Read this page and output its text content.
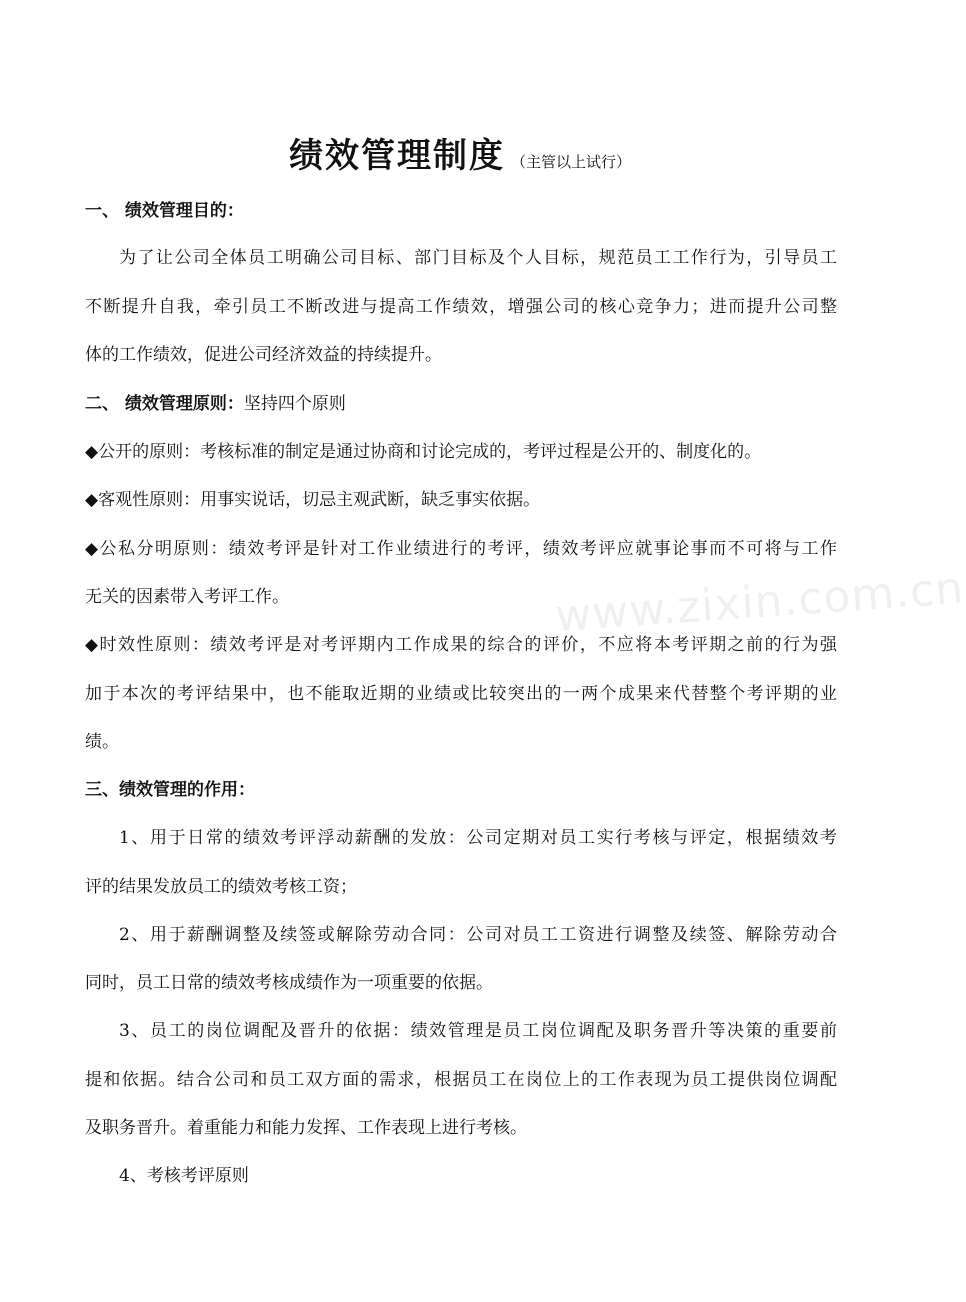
绩效管理制度 （主管以上试行）
一、 绩效管理目的：
为了让公司全体员工明确公司目标、部门目标及个人目标，规范员工工作行为，引导员工
不断提升自我，牵引员工不断改进与提高工作绩效，增强公司的核心竞争力；进而提升公司整
体的工作绩效，促进公司经济效益的持续提升。
二、 绩效管理原则：坚持四个原则
◆公开的原则：考核标准的制定是通过协商和讨论完成的，考评过程是公开的、制度化的。
◆客观性原则：用事实说话，切忌主观武断，缺乏事实依据。
◆公私分明原则：绩效考评是针对工作业绩进行的考评，绩效考评应就事论事而不可将与工作
无关的因素带入考评工作。
◆时效性原则：绩效考评是对考评期内工作成果的综合的评价，不应将本考评期之前的行为强
加于本次的考评结果中，也不能取近期的业绩或比较突出的一两个成果来代替整个考评期的业
绩。
三、绩效管理的作用：
1、用于日常的绩效考评浮动薪酬的发放：公司定期对员工实行考核与评定，根据绩效考
评的结果发放员工的绩效考核工资；
2、用于薪酬调整及续签或解除劳动合同：公司对员工工资进行调整及续签、解除劳动合
同时，员工日常的绩效考核成绩作为一项重要的依据。
3、员工的岗位调配及晋升的依据：绩效管理是员工岗位调配及职务晋升等决策的重要前
提和依据。结合公司和员工双方面的需求，根据员工在岗位上的工作表现为员工提供岗位调配
及职务晋升。着重能力和能力发挥、工作表现上进行考核。
4、考核考评原则
www.zixin.com.cn
